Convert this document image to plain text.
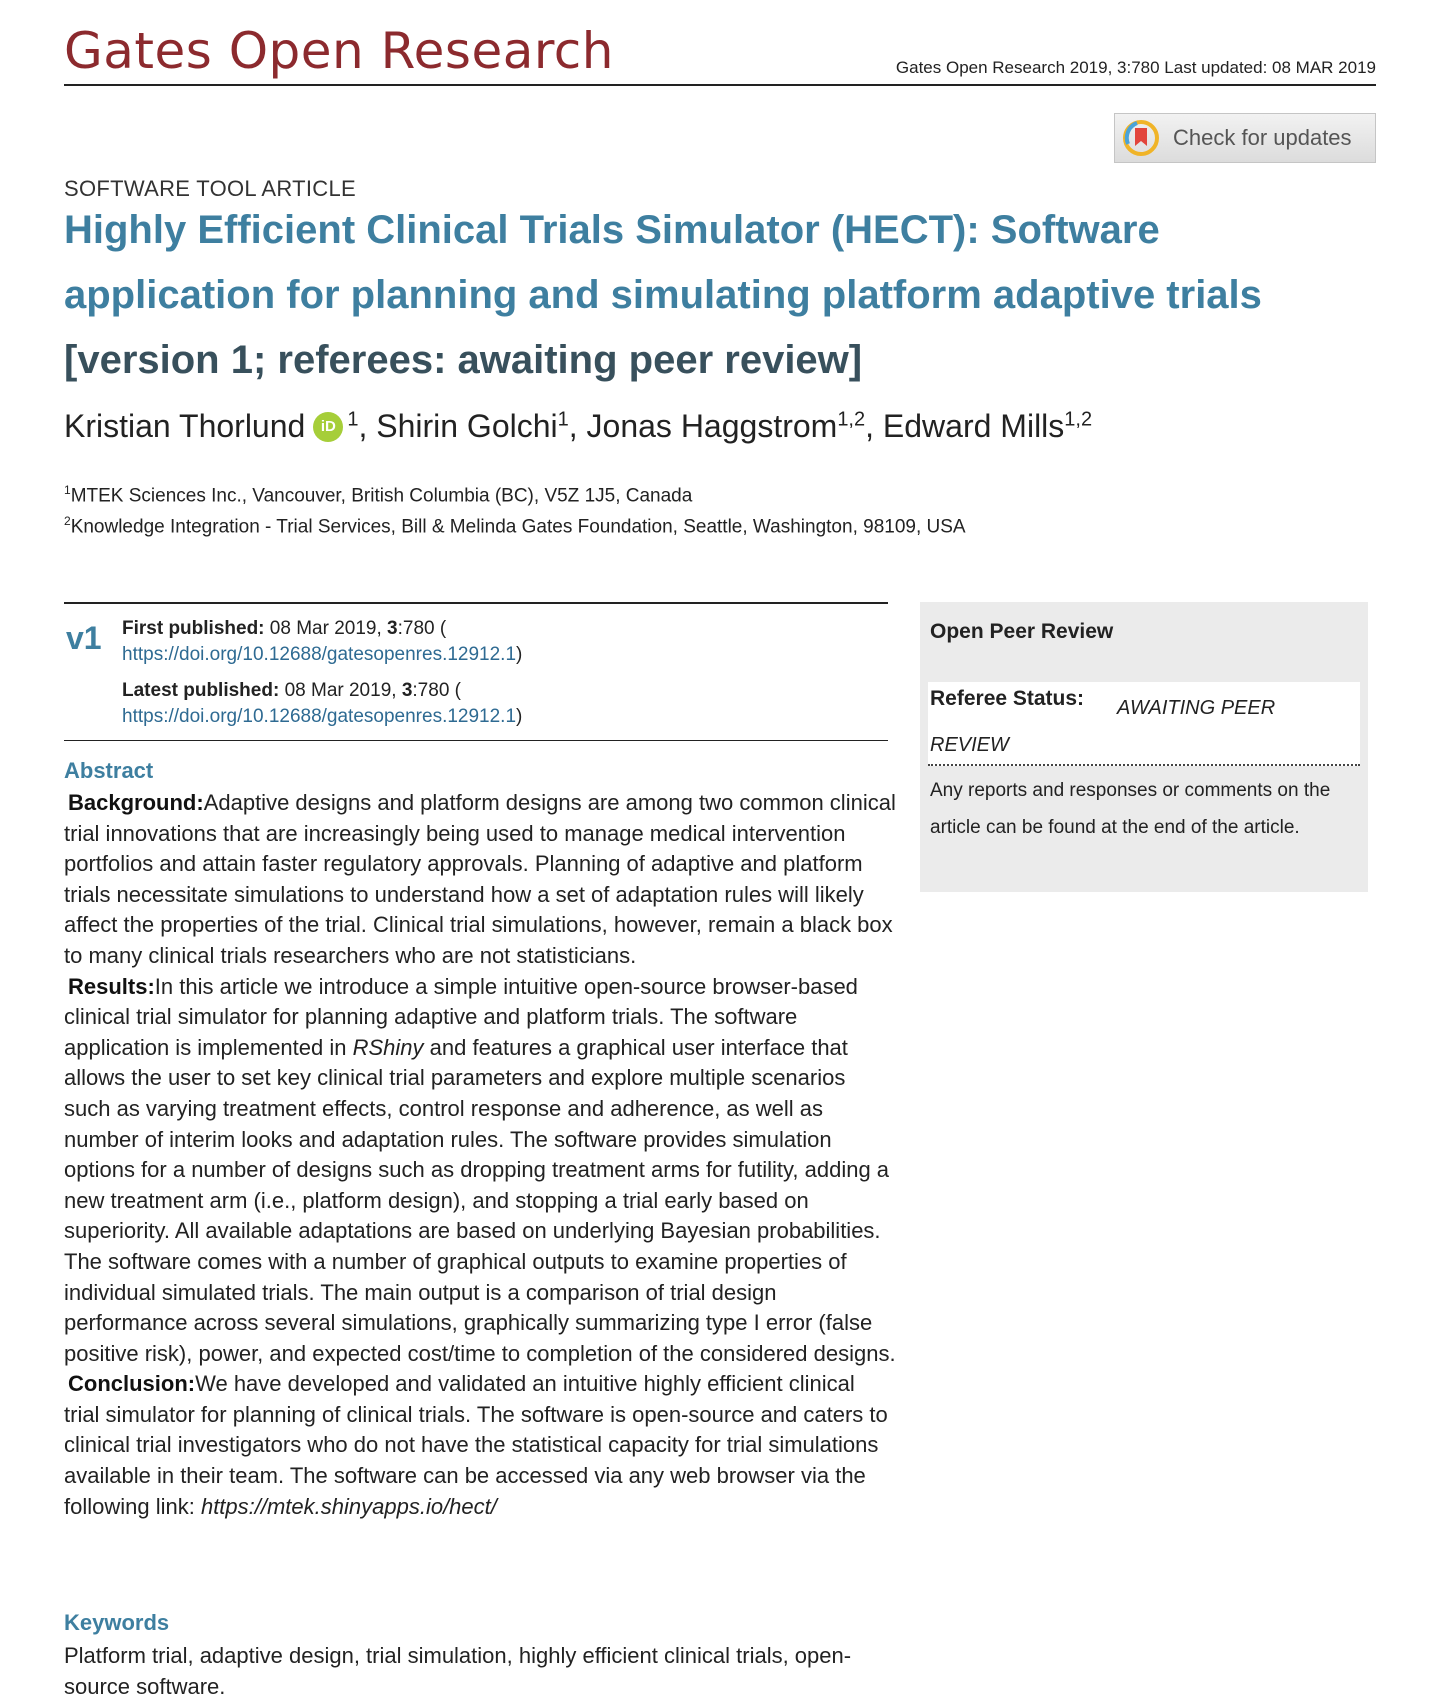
Gates Open Research	Gates Open Research 2019, 3:780 Last updated: 08 MAR 2019
Check for updates
SOFTWARE TOOL ARTICLE
Highly Efficient Clinical Trials Simulator (HECT): Software application for planning and simulating platform adaptive trials [version 1; referees: awaiting peer review]
Kristian Thorlund iD $^1$, Shirin Golchi$^1$, Jonas Haggstrom$^{1,2}$, Edward Mills$^{1,2}$
$^1$MTEK Sciences Inc., Vancouver, British Columbia (BC), V5Z 1J5, Canada
$^2$Knowledge Integration - Trial Services, Bill & Melinda Gates Foundation, Seattle, Washington, 98109, USA
v1 First published: 08 Mar 2019, 3:780 (
https://doi.org/10.12688/gatesopenres.12912.1)
Latest published: 08 Mar 2019, 3:780 (
https://doi.org/10.12688/gatesopenres.12912.1)
Abstract

Background:Adaptive designs and platform designs are among two common clinical trial innovations that are increasingly being used to manage medical intervention portfolios and attain faster regulatory approvals. Planning of adaptive and platform trials necessitate simulations to understand how a set of adaptation rules will likely affect the properties of the trial. Clinical trial simulations, however, remain a black box to many clinical trials researchers who are not statisticians.

Results:In this article we introduce a simple intuitive open-source browser-based clinical trial simulator for planning adaptive and platform trials. The software application is implemented in RShiny and features a graphical user interface that allows the user to set key clinical trial parameters and explore multiple scenarios such as varying treatment effects, control response and adherence, as well as number of interim looks and adaptation rules. The software provides simulation options for a number of designs such as dropping treatment arms for futility, adding a new treatment arm (i.e., platform design), and stopping a trial early based on superiority. All available adaptations are based on underlying Bayesian probabilities. The software comes with a number of graphical outputs to examine properties of individual simulated trials. The main output is a comparison of trial design performance across several simulations, graphically summarizing type I error (false positive risk), power, and expected cost/time to completion of the considered designs.

Conclusion:We have developed and validated an intuitive highly efficient clinical trial simulator for planning of clinical trials. The software is open-source and caters to clinical trial investigators who do not have the statistical capacity for trial simulations available in their team. The software can be accessed via any web browser via the following link: https://mtek.shinyapps.io/hect/

Keywords
Platform trial, adaptive design, trial simulation, highly efficient clinical trials, open-source software.
Open Peer Review
Referee Status:	AWAITING PEER REVIEW
Any reports and responses or comments on the article can be found at the end of the article.
